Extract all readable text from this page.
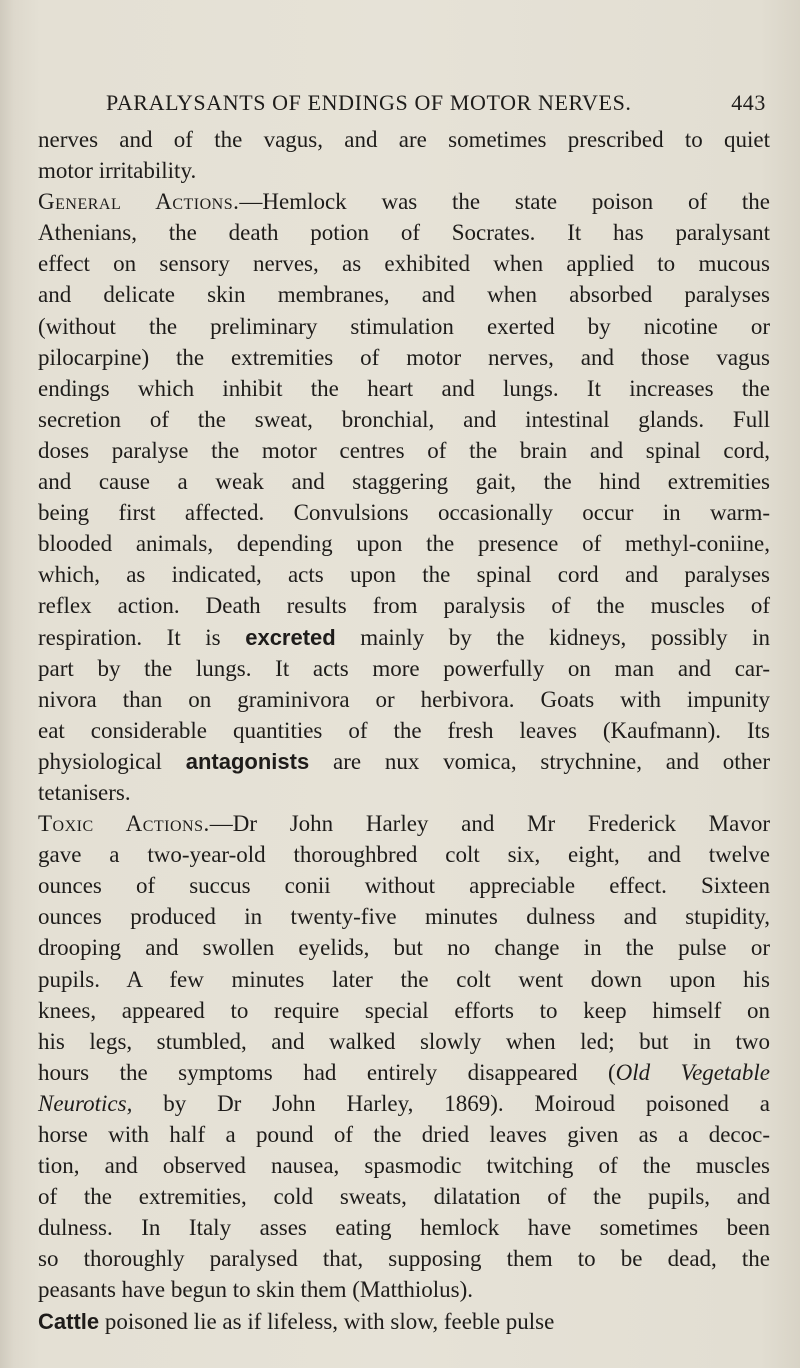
PARALYSANTS OF ENDINGS OF MOTOR NERVES.	443
nerves and of the vagus, and are sometimes prescribed to quiet
motor irritability.
General Actions.—Hemlock was the state poison of the
Athenians, the death potion of Socrates. It has paralysant
effect on sensory nerves, as exhibited when applied to mucous
and delicate skin membranes, and when absorbed paralyses
(without the preliminary stimulation exerted by nicotine or
pilocarpine) the extremities of motor nerves, and those vagus
endings which inhibit the heart and lungs. It increases the
secretion of the sweat, bronchial, and intestinal glands. Full
doses paralyse the motor centres of the brain and spinal cord,
and cause a weak and staggering gait, the hind extremities
being first affected. Convulsions occasionally occur in warm-
blooded animals, depending upon the presence of methyl-coniine,
which, as indicated, acts upon the spinal cord and paralyses
reflex action. Death results from paralysis of the muscles of
respiration. It is excreted mainly by the kidneys, possibly in
part by the lungs. It acts more powerfully on man and car-
nivora than on graminivora or herbivora. Goats with impunity
eat considerable quantities of the fresh leaves (Kaufmann). Its
physiological antagonists are nux vomica, strychnine, and other
tetanisers.
Toxic Actions.—Dr John Harley and Mr Frederick Mavor
gave a two-year-old thoroughbred colt six, eight, and twelve
ounces of succus conii without appreciable effect. Sixteen
ounces produced in twenty-five minutes dulness and stupidity,
drooping and swollen eyelids, but no change in the pulse or
pupils. A few minutes later the colt went down upon his
knees, appeared to require special efforts to keep himself on
his legs, stumbled, and walked slowly when led; but in two
hours the symptoms had entirely disappeared (Old Vegetable
Neurotics, by Dr John Harley, 1869). Moiroud poisoned a
horse with half a pound of the dried leaves given as a decoc-
tion, and observed nausea, spasmodic twitching of the muscles
of the extremities, cold sweats, dilatation of the pupils, and
dulness. In Italy asses eating hemlock have sometimes been
so thoroughly paralysed that, supposing them to be dead, the
peasants have begun to skin them (Matthiolus).
Cattle poisoned lie as if lifeless, with slow, feeble pulse
